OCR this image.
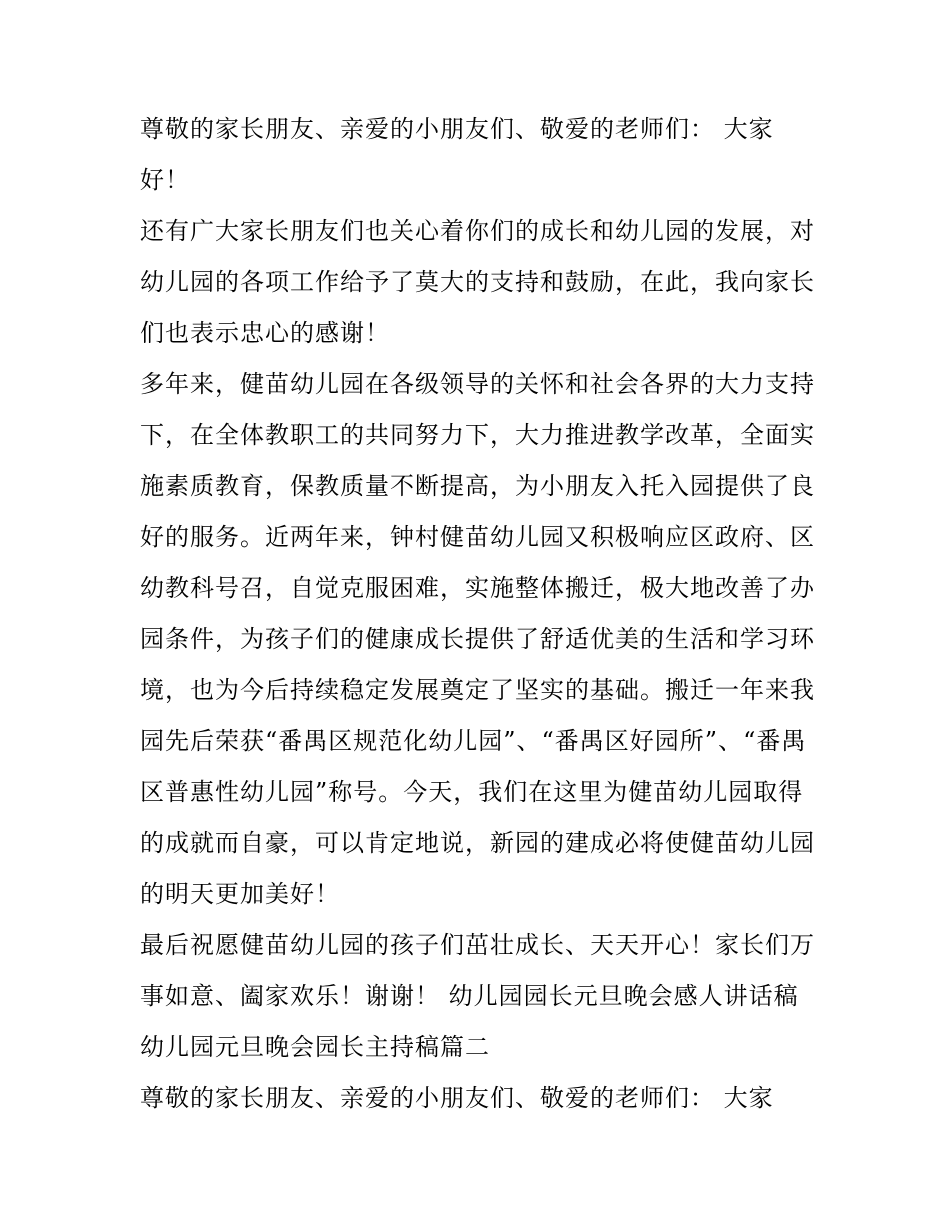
尊敬的家长朋友、亲爱的小朋友们、敬爱的老师们： 大家
好！
还有广大家长朋友们也关心着你们的成长和幼儿园的发展，对
幼儿园的各项工作给予了莫大的支持和鼓励，在此，我向家长
们也表示忠心的感谢！
多年来，健苗幼儿园在各级领导的关怀和社会各界的大力支持
下，在全体教职工的共同努力下，大力推进教学改革，全面实
施素质教育，保教质量不断提高，为小朋友入托入园提供了良
好的服务。近两年来，钟村健苗幼儿园又积极响应区政府、区
幼教科号召，自觉克服困难，实施整体搬迁，极大地改善了办
园条件，为孩子们的健康成长提供了舒适优美的生活和学习环
境，也为今后持续稳定发展奠定了坚实的基础。搬迁一年来我
园先后荣获“番禺区规范化幼儿园”、“番禺区好园所”、“番禺
区普惠性幼儿园”称号。今天，我们在这里为健苗幼儿园取得
的成就而自豪，可以肯定地说，新园的建成必将使健苗幼儿园
的明天更加美好！
最后祝愿健苗幼儿园的孩子们茁壮成长、天天开心！家长们万
事如意、阖家欢乐！谢谢！ 幼儿园园长元旦晚会感人讲话稿
幼儿园元旦晚会园长主持稿篇二
尊敬的家长朋友、亲爱的小朋友们、敬爱的老师们： 大家
